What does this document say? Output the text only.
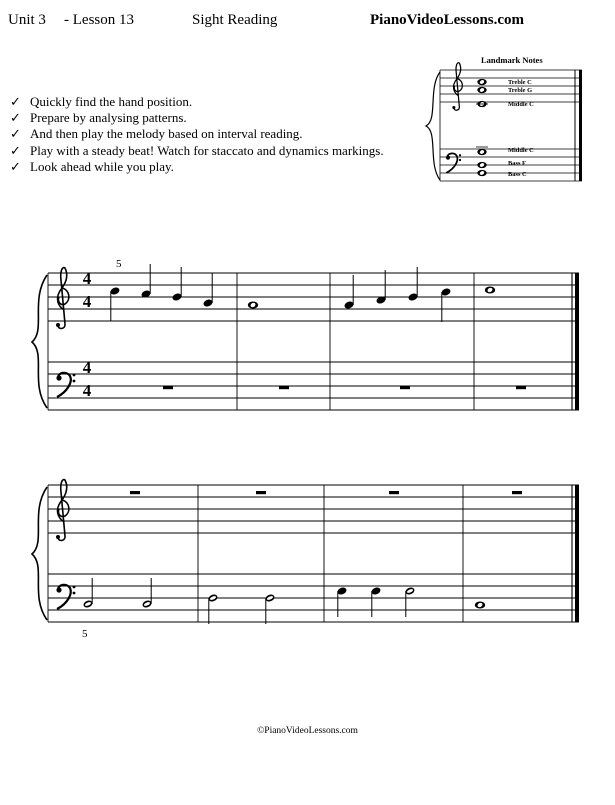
Unit 3 - Lesson 13	Sight Reading	PianoVideoLessons.com
✓ Quickly find the hand position.
✓ Prepare by analysing patterns.
✓ And then play the melody based on interval reading.
✓ Play with a steady beat! Watch for staccato and dynamics markings.
✓ Look ahead while you play.
Landmark Notes
Treble C
Treble G
Middle C
Middle C
Bass F
Bass C
4
4
4
4
5
5
©PianoVideoLessons.com
